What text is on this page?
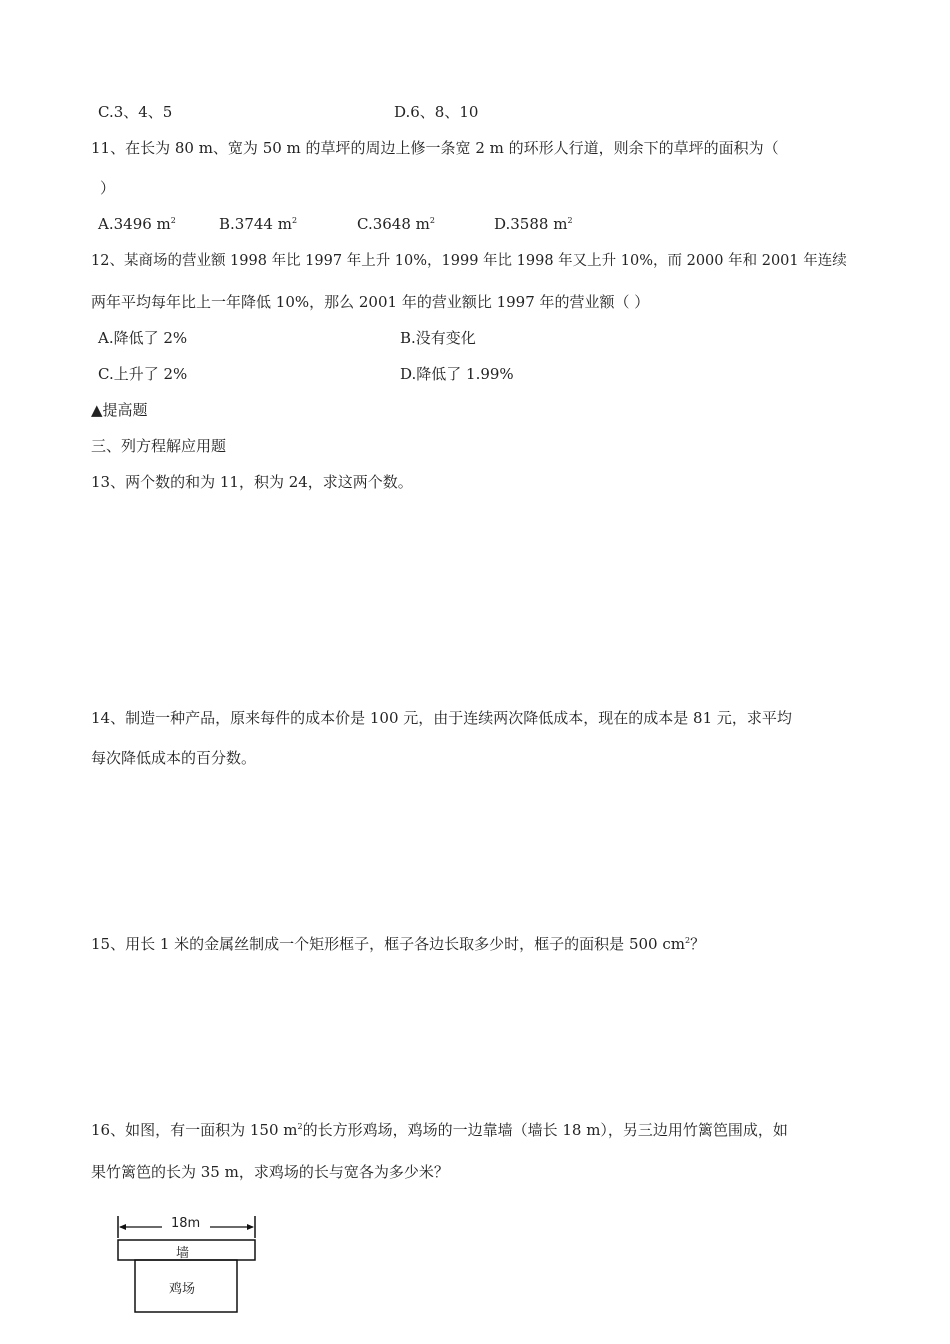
C.3、4、5	D.6、8、10
11、在长为 80 m、宽为 50 m 的草坪的周边上修一条宽 2 m 的环形人行道，则余下的草坪的面积为（
）
A.3496 $m^2$	B.3744 $m^2$	C.3648 $m^2$	D.3588 $m^2$
12、某商场的营业额 1998 年比 1997 年上升 10%，1999 年比 1998 年又上升 10%，而 2000 年和 2001 年连续
两年平均每年比上一年降低 10%，那么 2001 年的营业额比 1997 年的营业额（ ）
A.降低了 2%	B.没有变化
C.上升了 2%	D.降低了 1.99%
▲提高题
三、列方程解应用题
13、两个数的和为 11，积为 24，求这两个数。
14、制造一种产品，原来每件的成本价是 100 元，由于连续两次降低成本，现在的成本是 81 元，求平均
每次降低成本的百分数。
15、用长 1 米的金属丝制成一个矩形框子，框子各边长取多少时，框子的面积是 500 $cm^2$？
16、如图，有一面积为 150 $m^2$的长方形鸡场，鸡场的一边靠墙（墙长 18 m），另三边用竹篱笆围成，如
果竹篱笆的长为 35 m，求鸡场的长与宽各为多少米？
18m
墙
鸡场
